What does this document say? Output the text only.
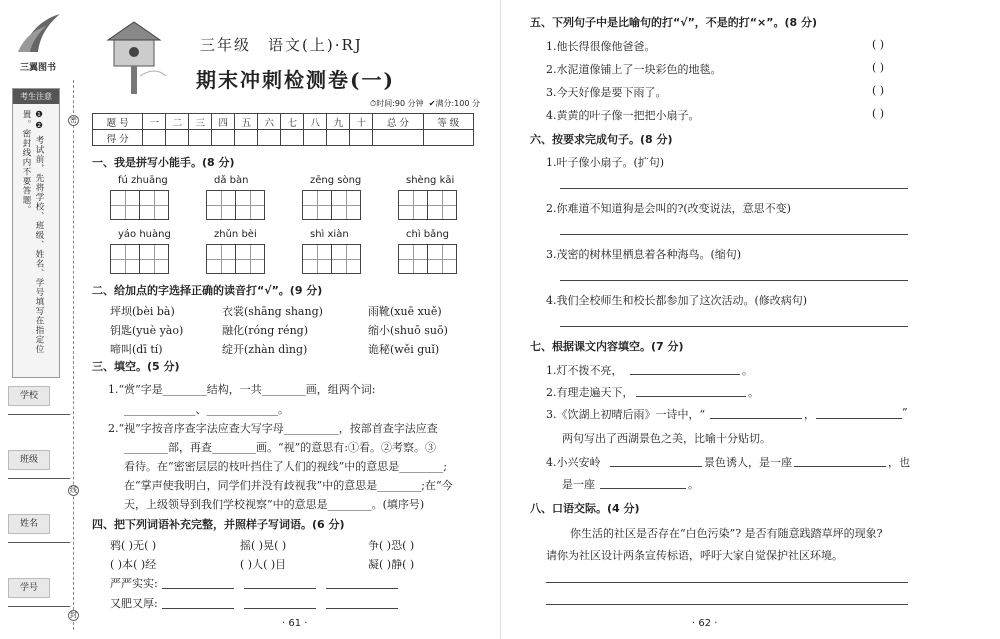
三翼图书
考生注意
❶❷ 考试前，先将学校、班级、姓名、学号填写在指定位置。密封线内不要答题。
学校
班级
姓名
学号
密
线
封
三年级　语文(上)·RJ
期末冲刺检测卷(一)
⏱时间:90 分钟 ✔满分:100 分
题 号	一	二	三	四	五	六	七	八	九	十	总 分	等 级
得 分												
一、我是拼写小能手。(8 分)
fú zhuāng	dǎ bàn	zēng sòng	shèng kāi
yáo huàng	zhǔn bèi	shì xiàn	chì bǎng
二、给加点的字选择正确的读音打“√”。(9 分)
坪坝(bèi bà)	衣裳(shāng shang)	雨靴(xuē xuě)
钥匙(yuè yào)	融化(róng réng)	缩小(shuō suō)
啼叫(dī tí)	绽开(zhàn dìng)	诡秘(wěi guǐ)
三、填空。(5 分)
1.“赏”字是________结构，一共________画，组两个词:
_____________、_____________。
2.“视”字按音序查字法应查大写字母__________，按部首查字法应查
________部，再查________画。“视”的意思有:①看。②考察。③
看待。在“密密层层的枝叶挡住了人们的视线”中的意思是________;
在“掌声使我明白，同学们并没有歧视我”中的意思是________;在“今
天，上级领导到我们学校视察”中的意思是________。(填序号)
四、把下列词语补充完整，并照样子写词语。(6 分)
鸦( )无( )	摇( )晃( )	争( )恐( )
( )本( )经	( )人( )目	凝( )静( )
严严实实:
又肥又厚:
· 61 ·
五、下列句子中是比喻句的打“√”，不是的打“×”。(8 分)
1.他长得很像他爸爸。	( )
2.水泥道像铺上了一块彩色的地毯。	( )
3.今天好像是要下雨了。	( )
4.黄黄的叶子像一把把小扇子。	( )
六、按要求完成句子。(8 分)
1.叶子像小扇子。(扩句)
2.你难道不知道狗是会叫的?(改变说法，意思不变)
3.茂密的树林里栖息着各种海鸟。(缩句)
4.我们全校师生和校长都参加了这次活动。(修改病句)
七、根据课文内容填空。(7 分)
1.灯不拨不亮，	。
2.有理走遍天下，	。
3.《饮湖上初晴后雨》一诗中，“	，	”
两句写出了西湖景色之美，比喻十分贴切。
4.小兴安岭	景色诱人，是一座	，也
是一座	。
八、口语交际。(4 分)
你生活的社区是否存在“白色污染”? 是否有随意践踏草坪的现象?
请你为社区设计两条宣传标语，呼吁大家自觉保护社区环境。
· 62 ·
